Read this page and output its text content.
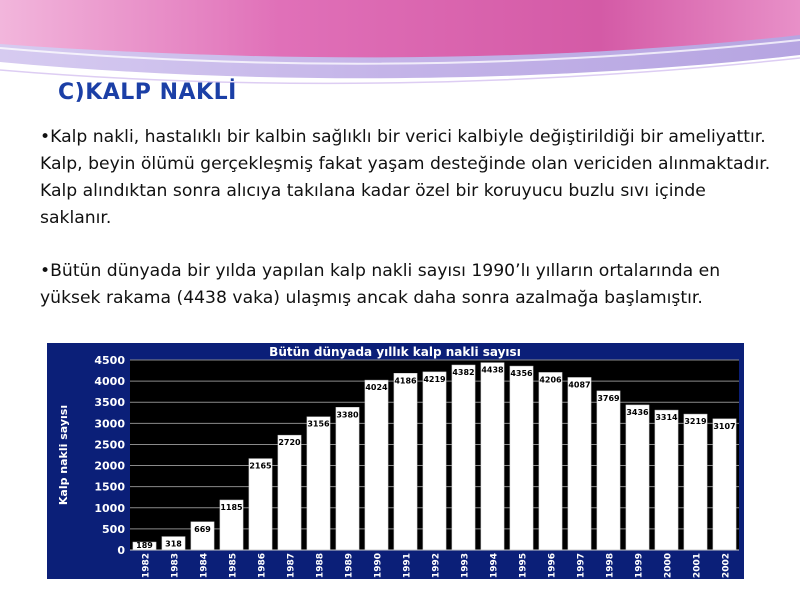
C)KALP NAKLİ

•Kalp nakli, hastalıklı bir kalbin sağlıklı bir verici kalbiyle değiştirildiği bir ameliyattır. Kalp, beyin ölümü gerçekleşmiş fakat yaşam desteğinde olan vericiden alınmaktadır. Kalp alındıktan sonra alıcıya takılana kadar özel bir koruyucu buzlu sıvı içinde saklanır.

•Bütün dünyada bir yılda yapılan kalp nakli sayısı 1990’lı yılların ortalarında en yüksek rakama (4438 vaka) ulaşmış ancak daha sonra azalmağa başlamıştır.

Bütün dünyada yıllık kalp nakli sayısı
0
500
1000
1500
2000
2500
3000
3500
4000
4500
Kalp nakli sayısı
189
1982
318
1983
669
1984
1185
1985
2165
1986
2720
1987
3156
1988
3380
1989
4024
1990
4186
1991
4219
1992
4382
1993
4438
1994
4356
1995
4206
1996
4087
1997
3769
1998
3436
1999
3314
2000
3219
2001
3107
2002
